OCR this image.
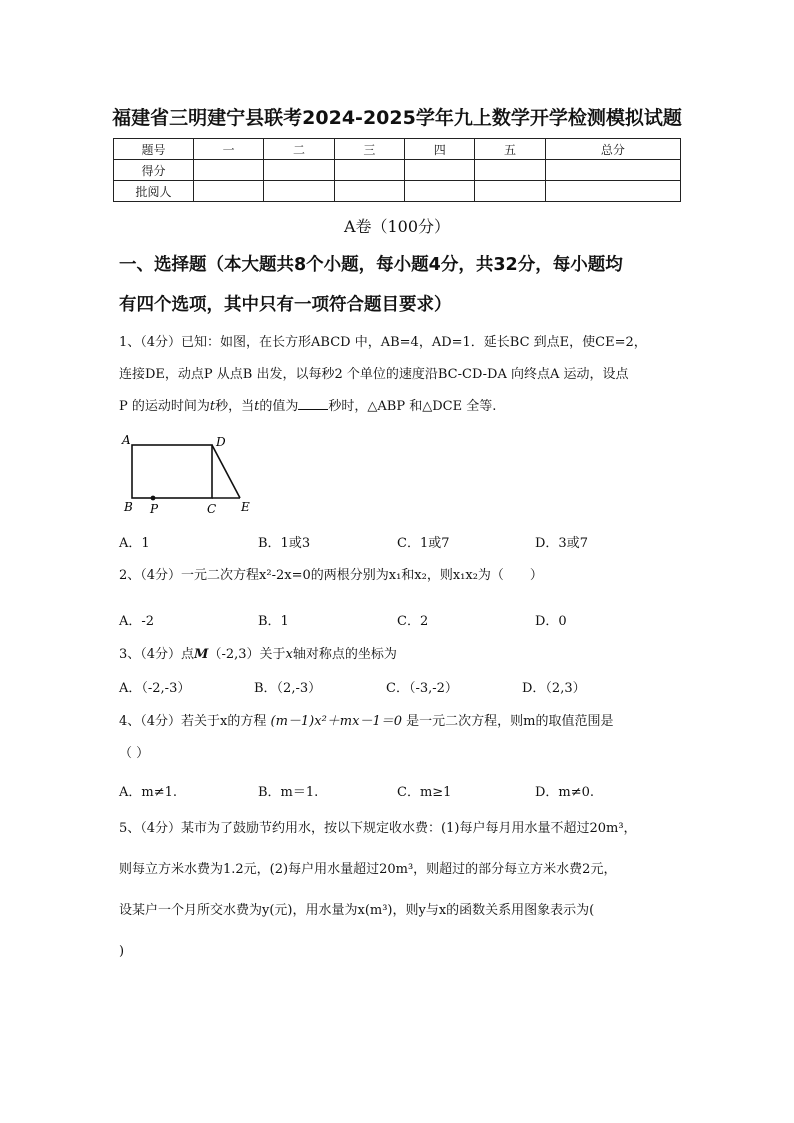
福建省三明建宁县联考2024-2025学年九上数学开学检测模拟试题
题号	一	二	三	四	五	总分
得分						
批阅人						
A卷（100分）
一、选择题（本大题共8个小题，每小题4分，共32分，每小题均
有四个选项，其中只有一项符合题目要求）
1、（4分）已知：如图，在长方形ABCD 中，AB=4，AD=1．延长BC 到点E，使CE=2，
连接DE，动点P 从点B 出发，以每秒2 个单位的速度沿BC-CD-DA 向终点A 运动，设点
P 的运动时间为t秒，当t的值为 秒时，△ABP 和△DCE 全等.
A	D
B P	C E
A．1	B．1或3	C．1或7	D．3或7
2、（4分）一元二次方程x²-2x=0的两根分别为x₁和x₂，则x₁x₂为（　　）
A．-2	B．1	C．2	D．0
3、（4分）点M（-2,3）关于x轴对称点的坐标为
A．（-2,-3）	B．（2,-3）	C．（-3,-2）	D．（2,3）
4、（4分）若关于x的方程 (m－1)x²＋mx－1＝0 是一元二次方程，则m的取值范围是
（ ）
A．m≠1.	B．m＝1.	C．m≥1	D．m≠0.
5、（4分）某市为了鼓励节约用水，按以下规定收水费：(1)每户每月用水量不超过20m³，
则每立方米水费为1.2元，(2)每户用水量超过20m³，则超过的部分每立方米水费2元，
设某户一个月所交水费为y(元)，用水量为x(m³)，则y与x的函数关系用图象表示为(
)
